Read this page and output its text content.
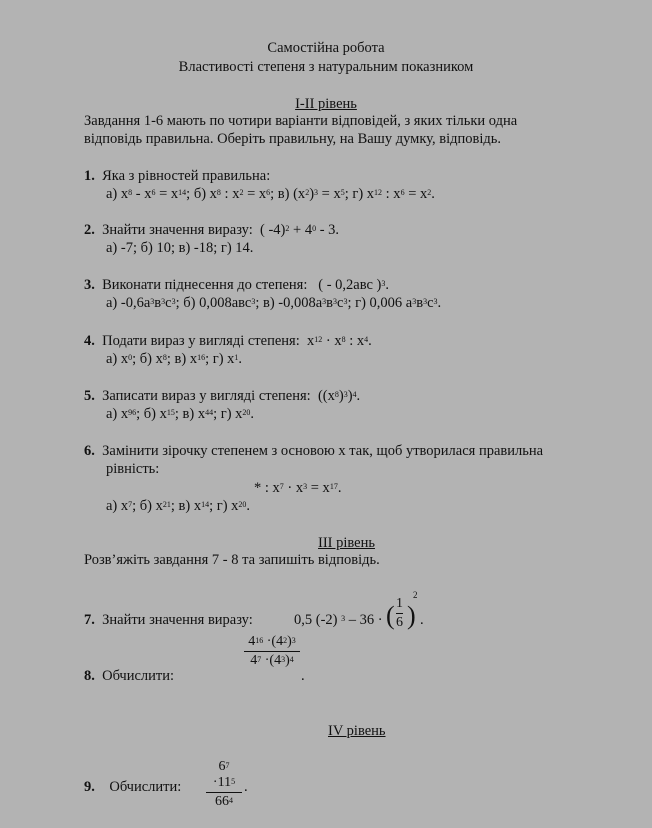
Самостійна робота
Властивості степеня з натуральним показником
I-II рівень
Завдання 1-6 мають по чотири варіанти відповідей, з яких тільки одна
відповідь правильна. Оберіть правильну, на Вашу думку, відповідь.
1. Яка з рівностей правильна:
а) $х^8 - х^6 = х^{14}$; б) $х^8$ : $х^2 = х^6$; в) $(х^2)^3 = х^5$; г) $х^{12}$ : $х^6 = х^2$.
2. Знайти значення виразу:  ( $-4)^2 + 4^0 - 3$.
а) -7; б) 10; в) -18; г) 14.
3. Виконати піднесення до степеня:   ( - 0,2авс )$^3$.
а) $-0,6а^3в^3с^3$; б) 0,008авс$^3$; в) $-0,008а^3в^3с^3$; г) 0,006 $а^3в^3с^3$.
4. Подати вираз у вигляді степеня:  $х^{12} \cdot х^8$ : $х^4$.
а) $х^0$; б) $х^8$; в) $х^{16}$; г) $х^1$.
5. Записати вираз у вигляді степеня:  $((х^8)^3)^4$.
а) $х^{96}$; б) $х^{15}$; в) $х^{44}$; г) $х^{20}$.
6. Замінити зірочку степенем з основою х так, щоб утворилася правильна
рівність:
* : $х^7 \cdot х^3 = х^{17}$.
а) $х^7$; б) $х^{21}$; в) $х^{14}$; г) $х^{20}$.
III рівень
Розв’яжіть завдання 7 - 8 та запишіть відповідь.
7. Знайти значення виразу:	0,5 (-2) $^3$ – 36 · ( 1
6 )
2
.
8. Обчислити:
$4^{16} \cdot(4^2)^3$
$4^7 \cdot(4^3)^4$
.
IV рівень
9. Обчислити:
$6^7 \cdot 11^5$
$66^4$
.
